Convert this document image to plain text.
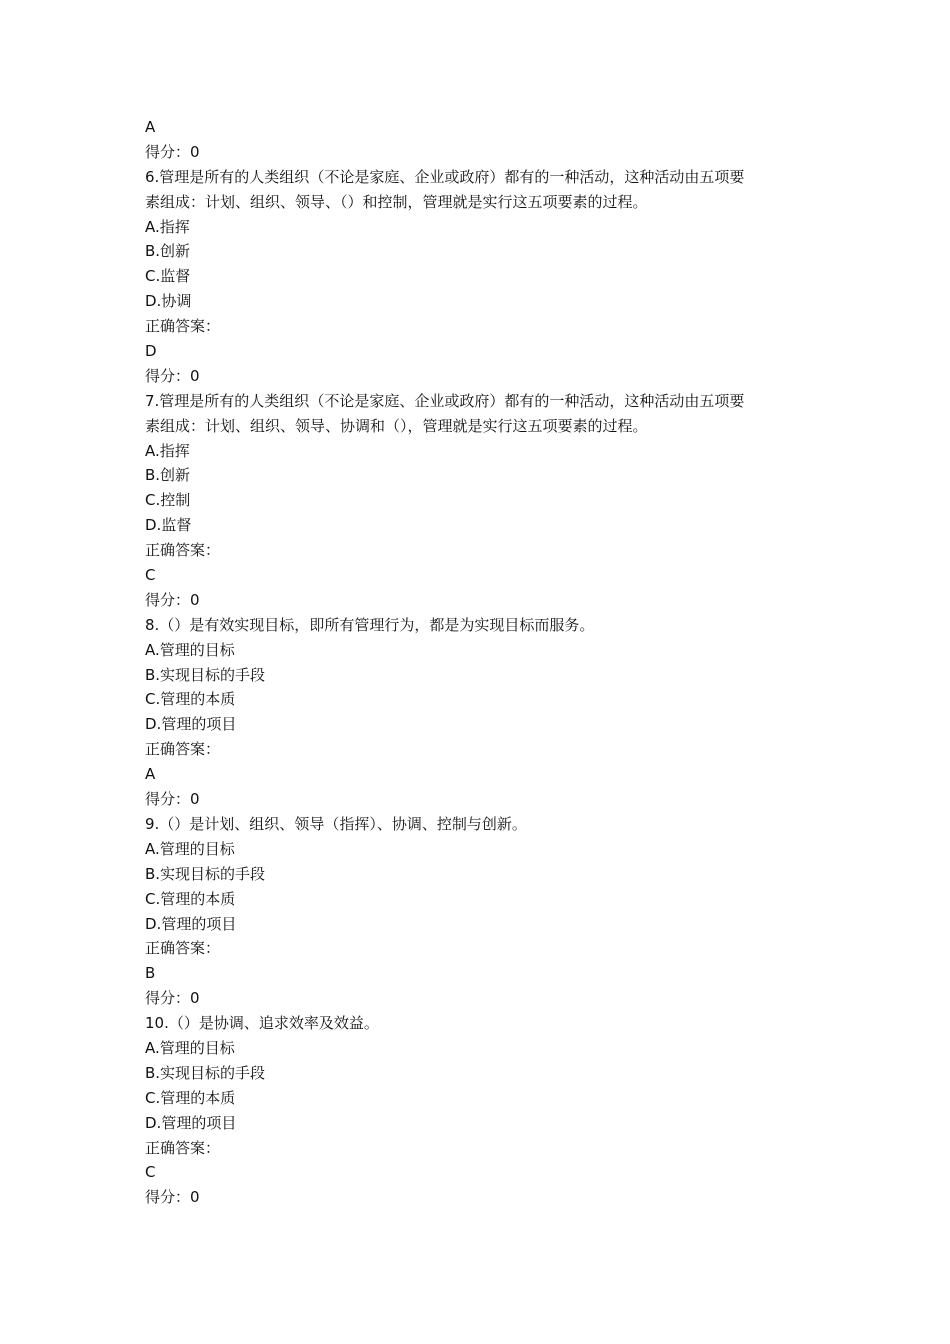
A
得分：0
6.管理是所有的人类组织（不论是家庭、企业或政府）都有的一种活动，这种活动由五项要
素组成：计划、组织、领导、（）和控制，管理就是实行这五项要素的过程。
A.指挥
B.创新
C.监督
D.协调
正确答案：
D
得分：0
7.管理是所有的人类组织（不论是家庭、企业或政府）都有的一种活动，这种活动由五项要
素组成：计划、组织、领导、协调和（），管理就是实行这五项要素的过程。
A.指挥
B.创新
C.控制
D.监督
正确答案：
C
得分：0
8.（）是有效实现目标，即所有管理行为，都是为实现目标而服务。
A.管理的目标
B.实现目标的手段
C.管理的本质
D.管理的项目
正确答案：
A
得分：0
9.（）是计划、组织、领导（指挥）、协调、控制与创新。
A.管理的目标
B.实现目标的手段
C.管理的本质
D.管理的项目
正确答案：
B
得分：0
10.（）是协调、追求效率及效益。
A.管理的目标
B.实现目标的手段
C.管理的本质
D.管理的项目
正确答案：
C
得分：0
